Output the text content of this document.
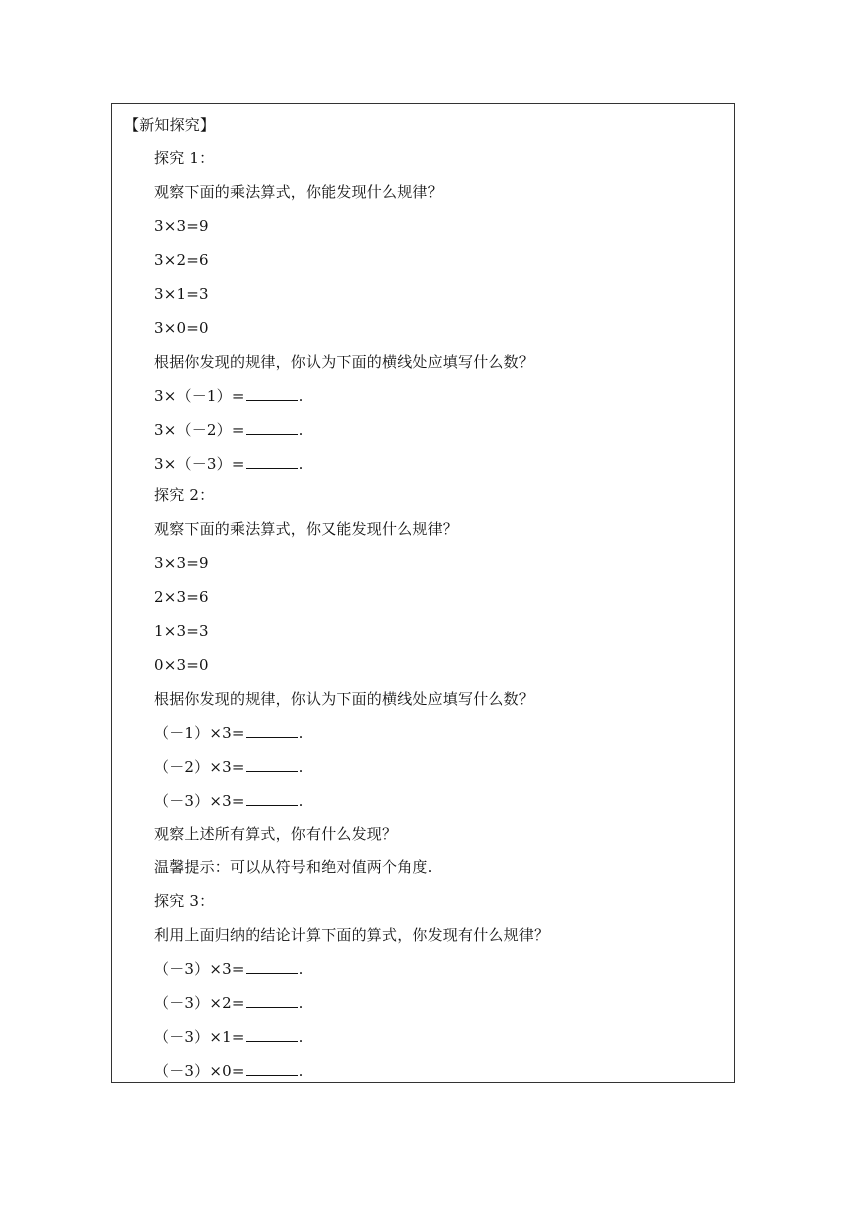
【新知探究】
探究 1：
观察下面的乘法算式，你能发现什么规律？
3×3=9
3×2=6
3×1=3
3×0=0
根据你发现的规律，你认为下面的横线处应填写什么数？
3×（－1）=	.
3×（－2）=	.
3×（－3）=	.
探究 2：
观察下面的乘法算式，你又能发现什么规律？
3×3=9
2×3=6
1×3=3
0×3=0
根据你发现的规律，你认为下面的横线处应填写什么数？
（－1）×3=	.
（－2）×3=	.
（－3）×3=	.
观察上述所有算式，你有什么发现？
温馨提示：可以从符号和绝对值两个角度.
探究 3：
利用上面归纳的结论计算下面的算式，你发现有什么规律？
（－3）×3=	.
（－3）×2=	.
（－3）×1=	.
（－3）×0=	.
